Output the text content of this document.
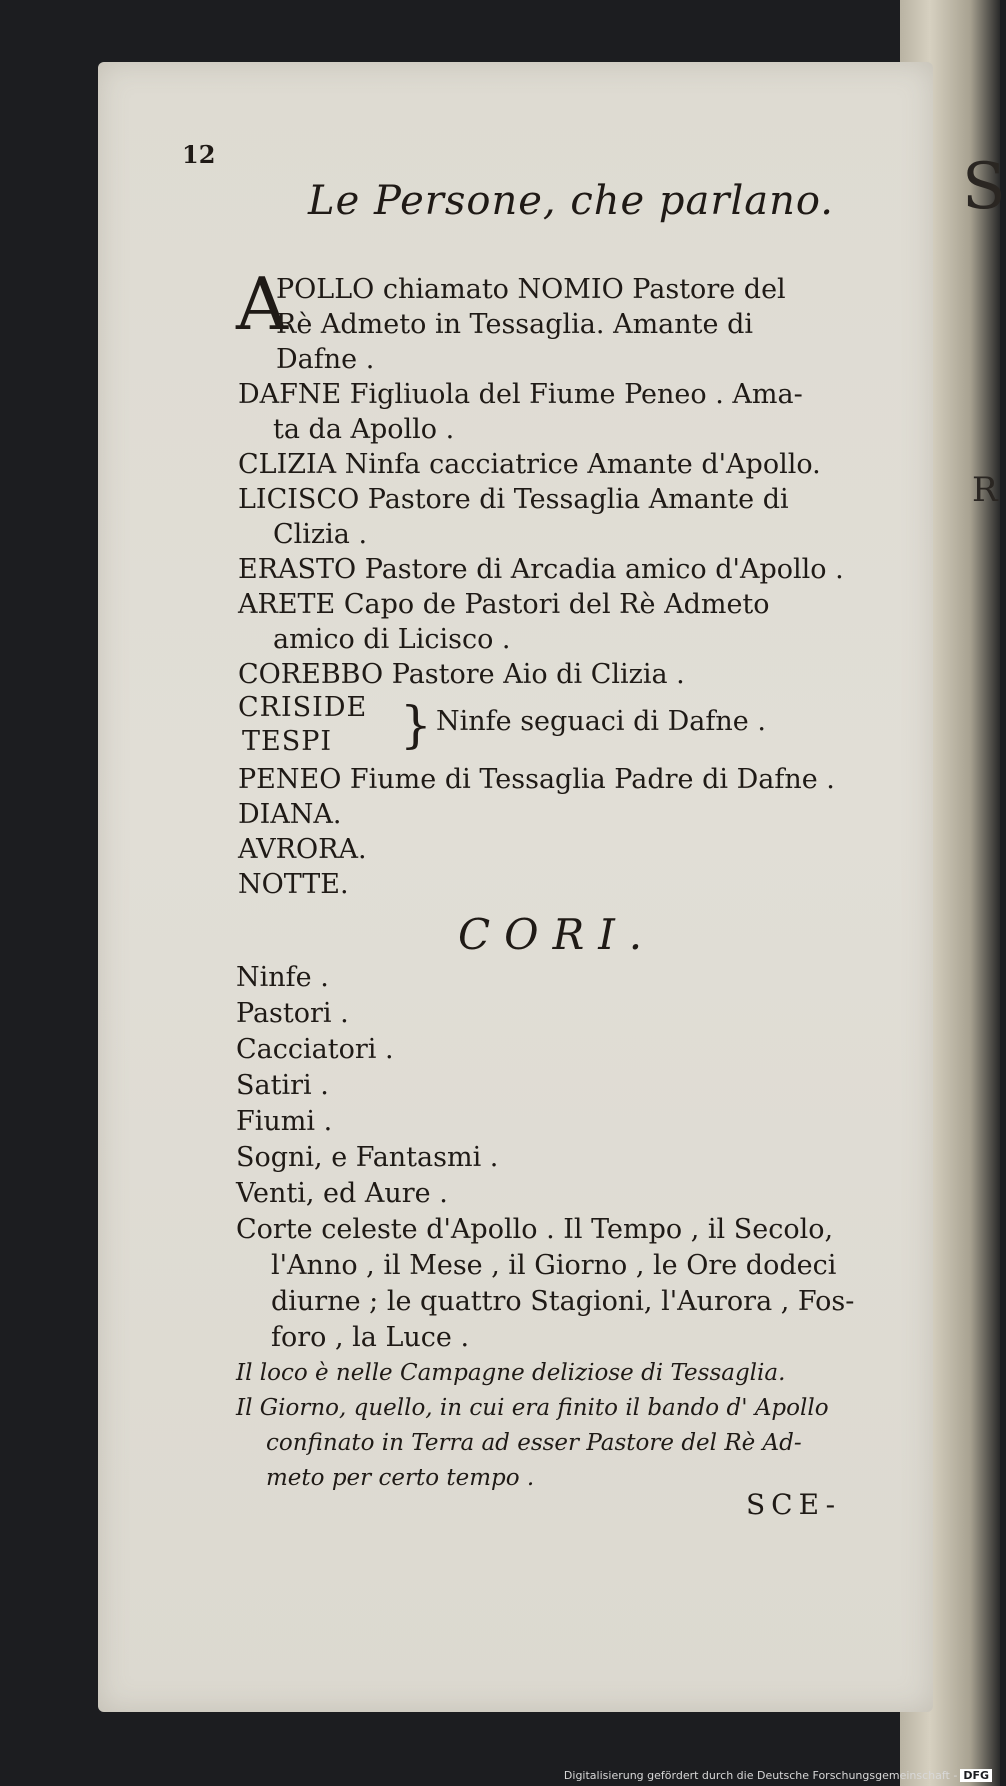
S
R
12
Le Persone, che parlano.
A
POLLO chiamato NOMIO Pastore del
Rè Admeto in Tessaglia. Amante di
Dafne .
DAFNE Figliuola del Fiume Peneo . Ama-
ta da Apollo .
CLIZIA Ninfa cacciatrice Amante d'Apollo.
LICISCO Pastore di Tessaglia Amante di
Clizia .
ERASTO Pastore di Arcadia amico d'Apollo .
ARETE Capo de Pastori del Rè Admeto
amico di Licisco .
COREBBO Pastore Aio di Clizia .
CRISIDE
TESPI } Ninfe seguaci di Dafne .
PENEO Fiume di Tessaglia Padre di Dafne .
DIANA.
AVRORA.
NOTTE.
CORI.
Ninfe .
Pastori .
Cacciatori .
Satiri .
Fiumi .
Sogni, e Fantasmi .
Venti, ed Aure .
Corte celeste d'Apollo . Il Tempo , il Secolo,
l'Anno , il Mese , il Giorno , le Ore dodeci
diurne ; le quattro Stagioni, l'Aurora , Fos-
foro , la Luce .
Il loco è nelle Campagne deliziose di Tessaglia.
Il Giorno, quello, in cui era finito il bando d' Apollo
confinato in Terra ad esser Pastore del Rè Ad-
meto per certo tempo .
SCE-
Digitalisierung gefördert durch die Deutsche Forschungsgemeinschaft - DFG
